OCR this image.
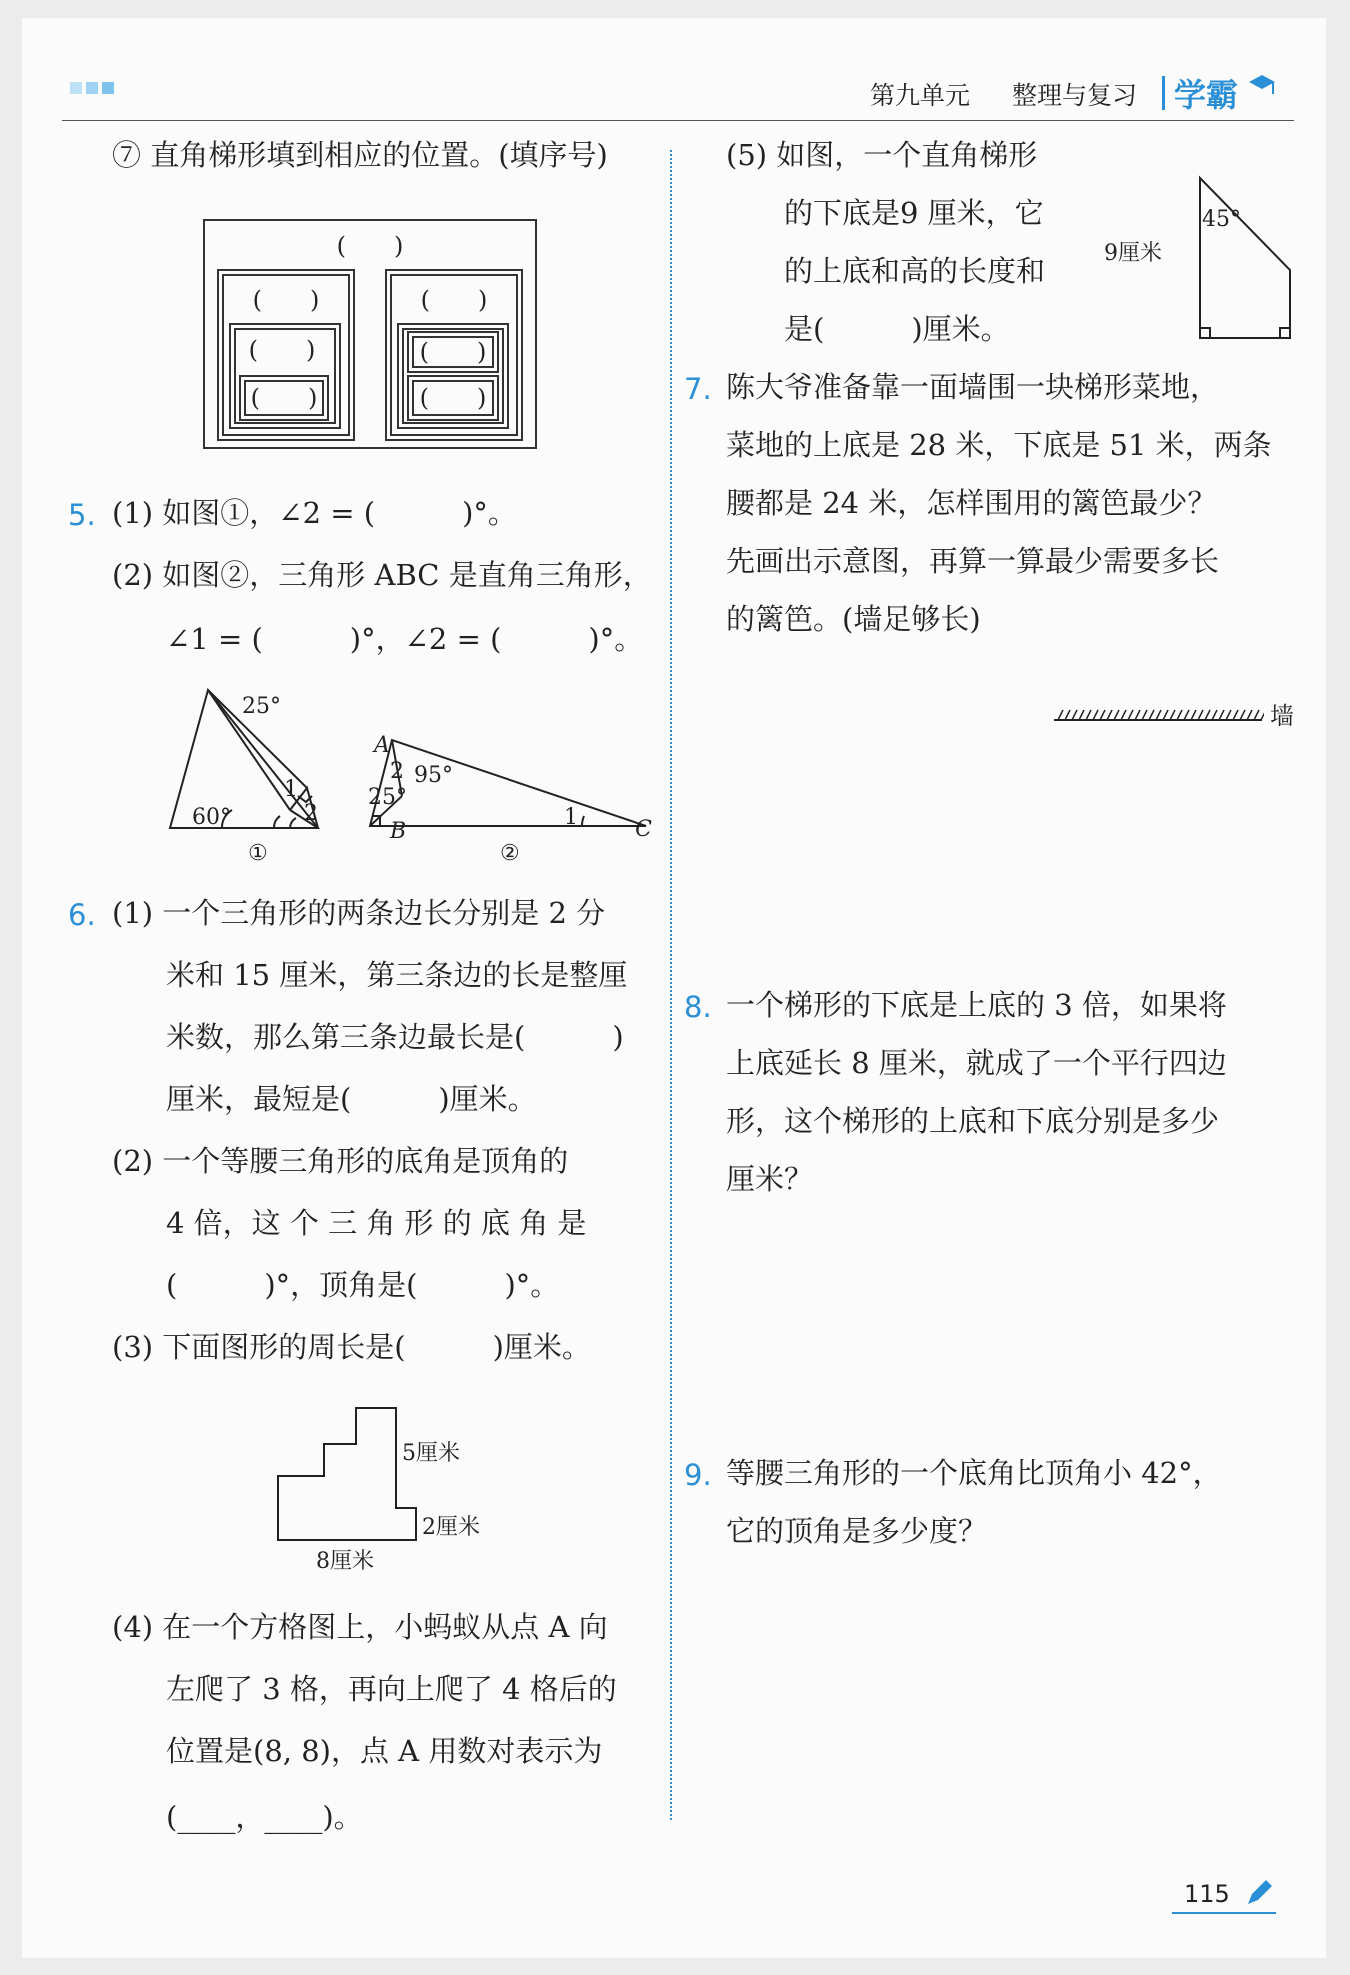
第九单元 整理与复习 学霸
⑦ 直角梯形填到相应的位置。(填序号)
(　　)
(　　)
(　　)
(　　)
(　　)
(　　)
(　　)
5. (1) 如图①，∠2 = (　　　)°。
(2) 如图②，三角形 ABC 是直角三角形，
∠1 = (　　　)°，∠2 = (　　　)°。
25°
60°
1
2
①
A
2 95°
25°
B
1	C
②
6. (1) 一个三角形的两条边长分别是 2 分
米和 15 厘米，第三条边的长是整厘
米数，那么第三条边最长是(　　　)
厘米，最短是(　　　)厘米。
(2) 一个等腰三角形的底角是顶角的
4 倍，这 个 三 角 形 的 底 角 是
(　　　)°，顶角是(　　　)°。
(3) 下面图形的周长是(　　　)厘米。
5厘米
2厘米
8厘米
(4) 在一个方格图上，小蚂蚁从点 A 向
左爬了 3 格，再向上爬了 4 格后的
位置是(8, 8)，点 A 用数对表示为
(____，____)。
(5) 如图，一个直角梯形
的下底是9 厘米，它
的上底和高的长度和
是(　　　)厘米。
45°
9厘米
7. 陈大爷准备靠一面墙围一块梯形菜地，
菜地的上底是 28 米，下底是 51 米，两条
腰都是 24 米，怎样围用的篱笆最少？
先画出示意图，再算一算最少需要多长
的篱笆。(墙足够长)
墙
8. 一个梯形的下底是上底的 3 倍，如果将
上底延长 8 厘米，就成了一个平行四边
形，这个梯形的上底和下底分别是多少
厘米？
9. 等腰三角形的一个底角比顶角小 42°，
它的顶角是多少度？
115
